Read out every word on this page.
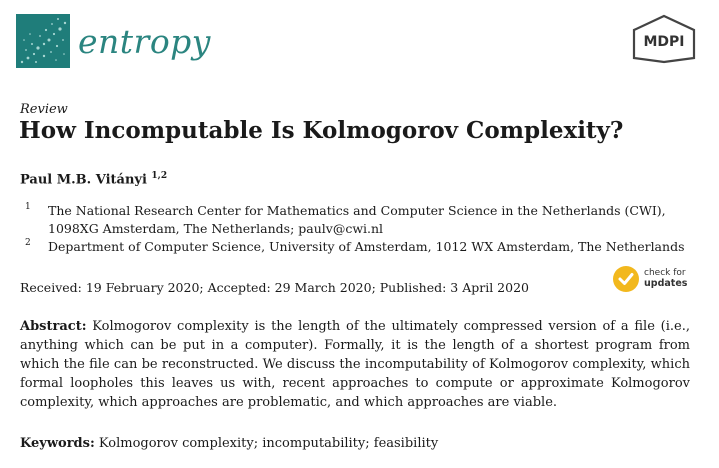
entropy	MDPI
Review
How Incomputable Is Kolmogorov Complexity?
Paul M.B. Vitányi $^{1,2}$
1 The National Research Center for Mathematics and Computer Science in the Netherlands (CWI), 1098XG Amsterdam, The Netherlands; paulv@cwi.nl
2 Department of Computer Science, University of Amsterdam, 1012 WX Amsterdam, The Netherlands
Received: 19 February 2020; Accepted: 29 March 2020; Published: 3 April 2020
check for
updates
Abstract: Kolmogorov complexity is the length of the ultimately compressed version of a file (i.e., anything which can be put in a computer). Formally, it is the length of a shortest program from which the file can be reconstructed. We discuss the incomputability of Kolmogorov complexity, which formal loopholes this leaves us with, recent approaches to compute or approximate Kolmogorov complexity, which approaches are problematic, and which approaches are viable.
Keywords: Kolmogorov complexity; incomputability; feasibility
